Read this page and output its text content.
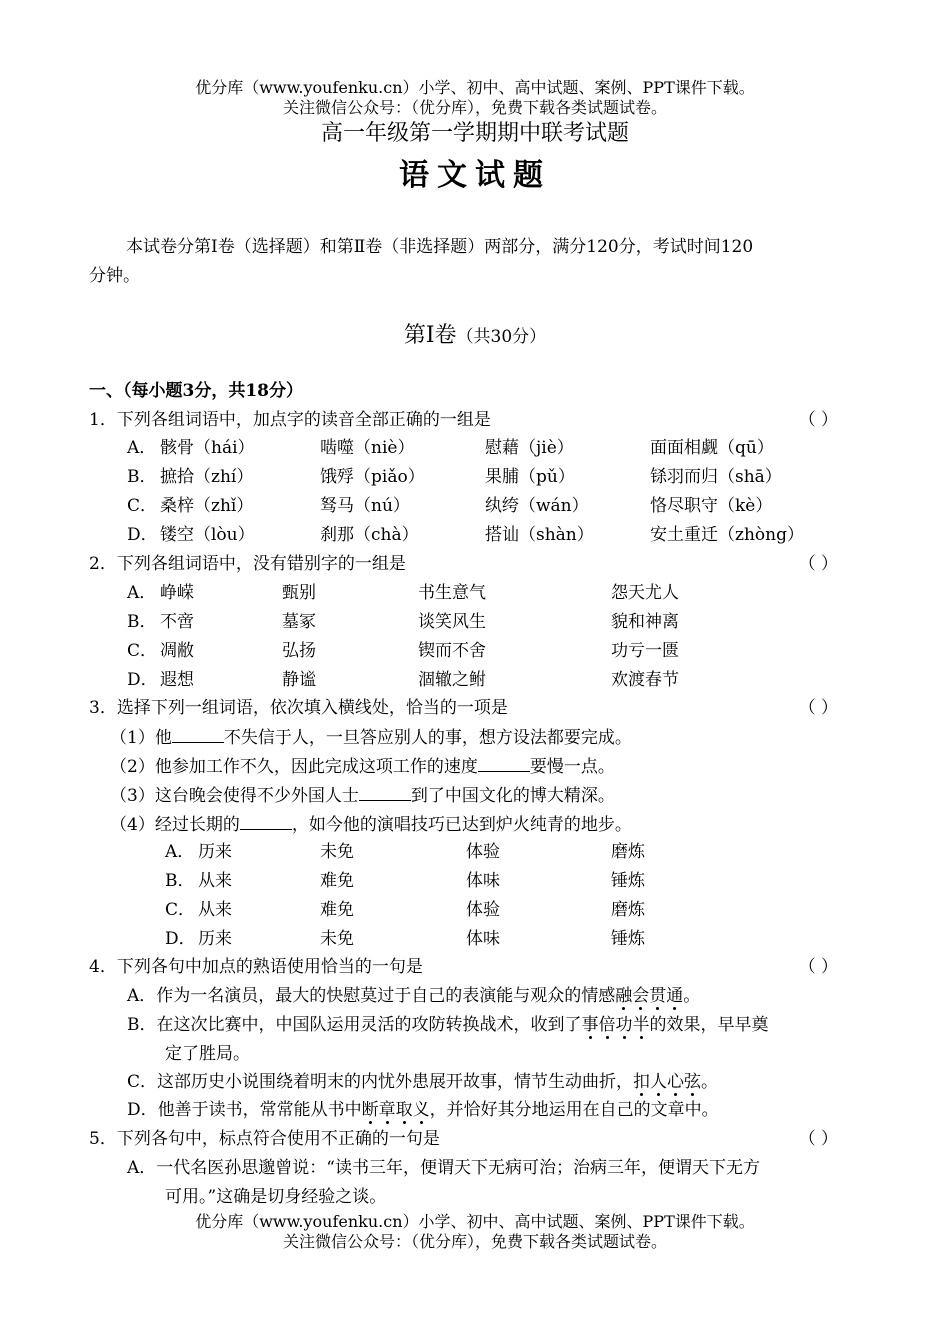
优分库（www.youfenku.cn）小学、初中、高中试题、案例、PPT课件下载。
关注微信公众号：（优分库），免费下载各类试题试卷。
高一年级第一学期期中联考试题
语文试题
本试卷分第Ⅰ卷（选择题）和第Ⅱ卷（非选择题）两部分，满分120分，考试时间120
分钟。
第Ⅰ卷（共30分）
一、（每小题3分，共18分）
1．下列各组词语中，加点字的读音全部正确的一组是	（ ）
A． 骸骨（hái）	啮噬（niè）	慰藉（jiè）	面面相觑（qū）
B． 摭拾（zhí）	饿殍（piǎo）	果脯（pǔ）	铩羽而归（shā）
C． 桑梓（zhǐ）	驽马（nú）	纨绔（wán）	恪尽职守（kè）
D． 镂空（lòu）	刹那（chà）	搭讪（shàn）	安土重迁（zhòng）
2．下列各组词语中，没有错别字的一组是	（ ）
A． 峥嵘	甄别	书生意气	怨天尤人
B． 不啻	墓冢	谈笑风生	貌和神离
C． 凋敝	弘扬	锲而不舍	功亏一匮
D． 遐想	静谧	涸辙之鲋	欢渡春节
3．选择下列一组词语，依次填入横线处，恰当的一项是	（ ）
（1）他	不失信于人，一旦答应别人的事，想方设法都要完成。
（2）他参加工作不久，因此完成这项工作的速度	要慢一点。
（3）这台晚会使得不少外国人士	到了中国文化的博大精深。
（4）经过长期的	，如今他的演唱技巧已达到炉火纯青的地步。
A． 历来	未免	体验	磨炼
B． 从来	难免	体味	锤炼
C． 从来	难免	体验	磨炼
D． 历来	未免	体味	锤炼
4．下列各句中加点的熟语使用恰当的一句是	（ ）
A．作为一名演员，最大的快慰莫过于自己的表演能与观众的情感融会贯通。
B．在这次比赛中，中国队运用灵活的攻防转换战术，收到了事倍功半的效果，早早奠
定了胜局。
C．这部历史小说围绕着明末的内忧外患展开故事，情节生动曲折，扣人心弦。
D．他善于读书，常常能从书中断章取义，并恰好其分地运用在自己的文章中。
5．下列各句中，标点符合使用不正确的一句是	（ ）
A．一代名医孙思邈曾说：“读书三年，便谓天下无病可治；治病三年，便谓天下无方
可用。”这确是切身经验之谈。
优分库（www.youfenku.cn）小学、初中、高中试题、案例、PPT课件下载。
关注微信公众号：（优分库），免费下载各类试题试卷。
